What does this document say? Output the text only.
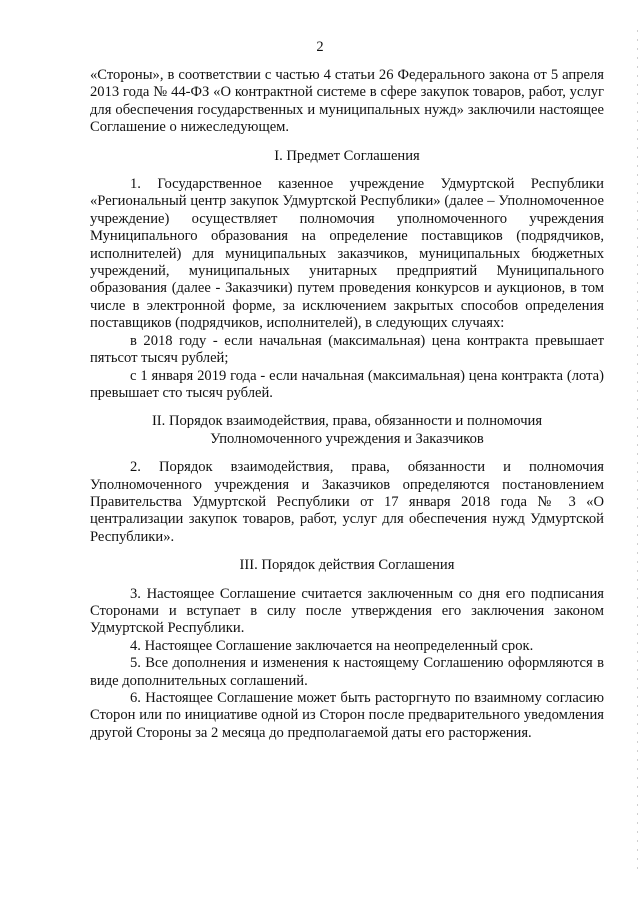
2

«Стороны», в соответствии с частью 4 статьи 26 Федерального закона от 5 апреля 2013 года № 44-ФЗ «О контрактной системе в сфере закупок товаров, работ, услуг для обеспечения государственных и муниципальных нужд» заключили настоящее Соглашение о нижеследующем.

I. Предмет Соглашения

1. Государственное казенное учреждение Удмуртской Республики «Региональный центр закупок Удмуртской Республики» (далее – Уполномоченное учреждение) осуществляет полномочия уполномоченного учреждения Муниципального образования на определение поставщиков (подрядчиков, исполнителей) для муниципальных заказчиков, муниципальных бюджетных учреждений, муниципальных унитарных предприятий Муниципального образования (далее - Заказчики) путем проведения конкурсов и аукционов, в том числе в электронной форме, за исключением закрытых способов определения поставщиков (подрядчиков, исполнителей), в следующих случаях:

в 2018 году - если начальная (максимальная) цена контракта превышает пятьсот тысяч рублей;

с 1 января 2019 года - если начальная (максимальная) цена контракта (лота) превышает сто тысяч рублей.

II. Порядок взаимодействия, права, обязанности и полномочия

Уполномоченного учреждения и Заказчиков

2. Порядок взаимодействия, права, обязанности и полномочия Уполномоченного учреждения и Заказчиков определяются постановлением Правительства Удмуртской Республики от 17 января 2018 года № 3 «О централизации закупок товаров, работ, услуг для обеспечения нужд Удмуртской Республики».

III. Порядок действия Соглашения

3. Настоящее Соглашение считается заключенным со дня его подписания Сторонами и вступает в силу после утверждения его заключения законом Удмуртской Республики.

4. Настоящее Соглашение заключается на неопределенный срок.

5. Все дополнения и изменения к настоящему Соглашению оформляются в виде дополнительных соглашений.

6. Настоящее Соглашение может быть расторгнуто по взаимному согласию Сторон или по инициативе одной из Сторон после предварительного уведомления другой Стороны за 2 месяца до предполагаемой даты его расторжения.
